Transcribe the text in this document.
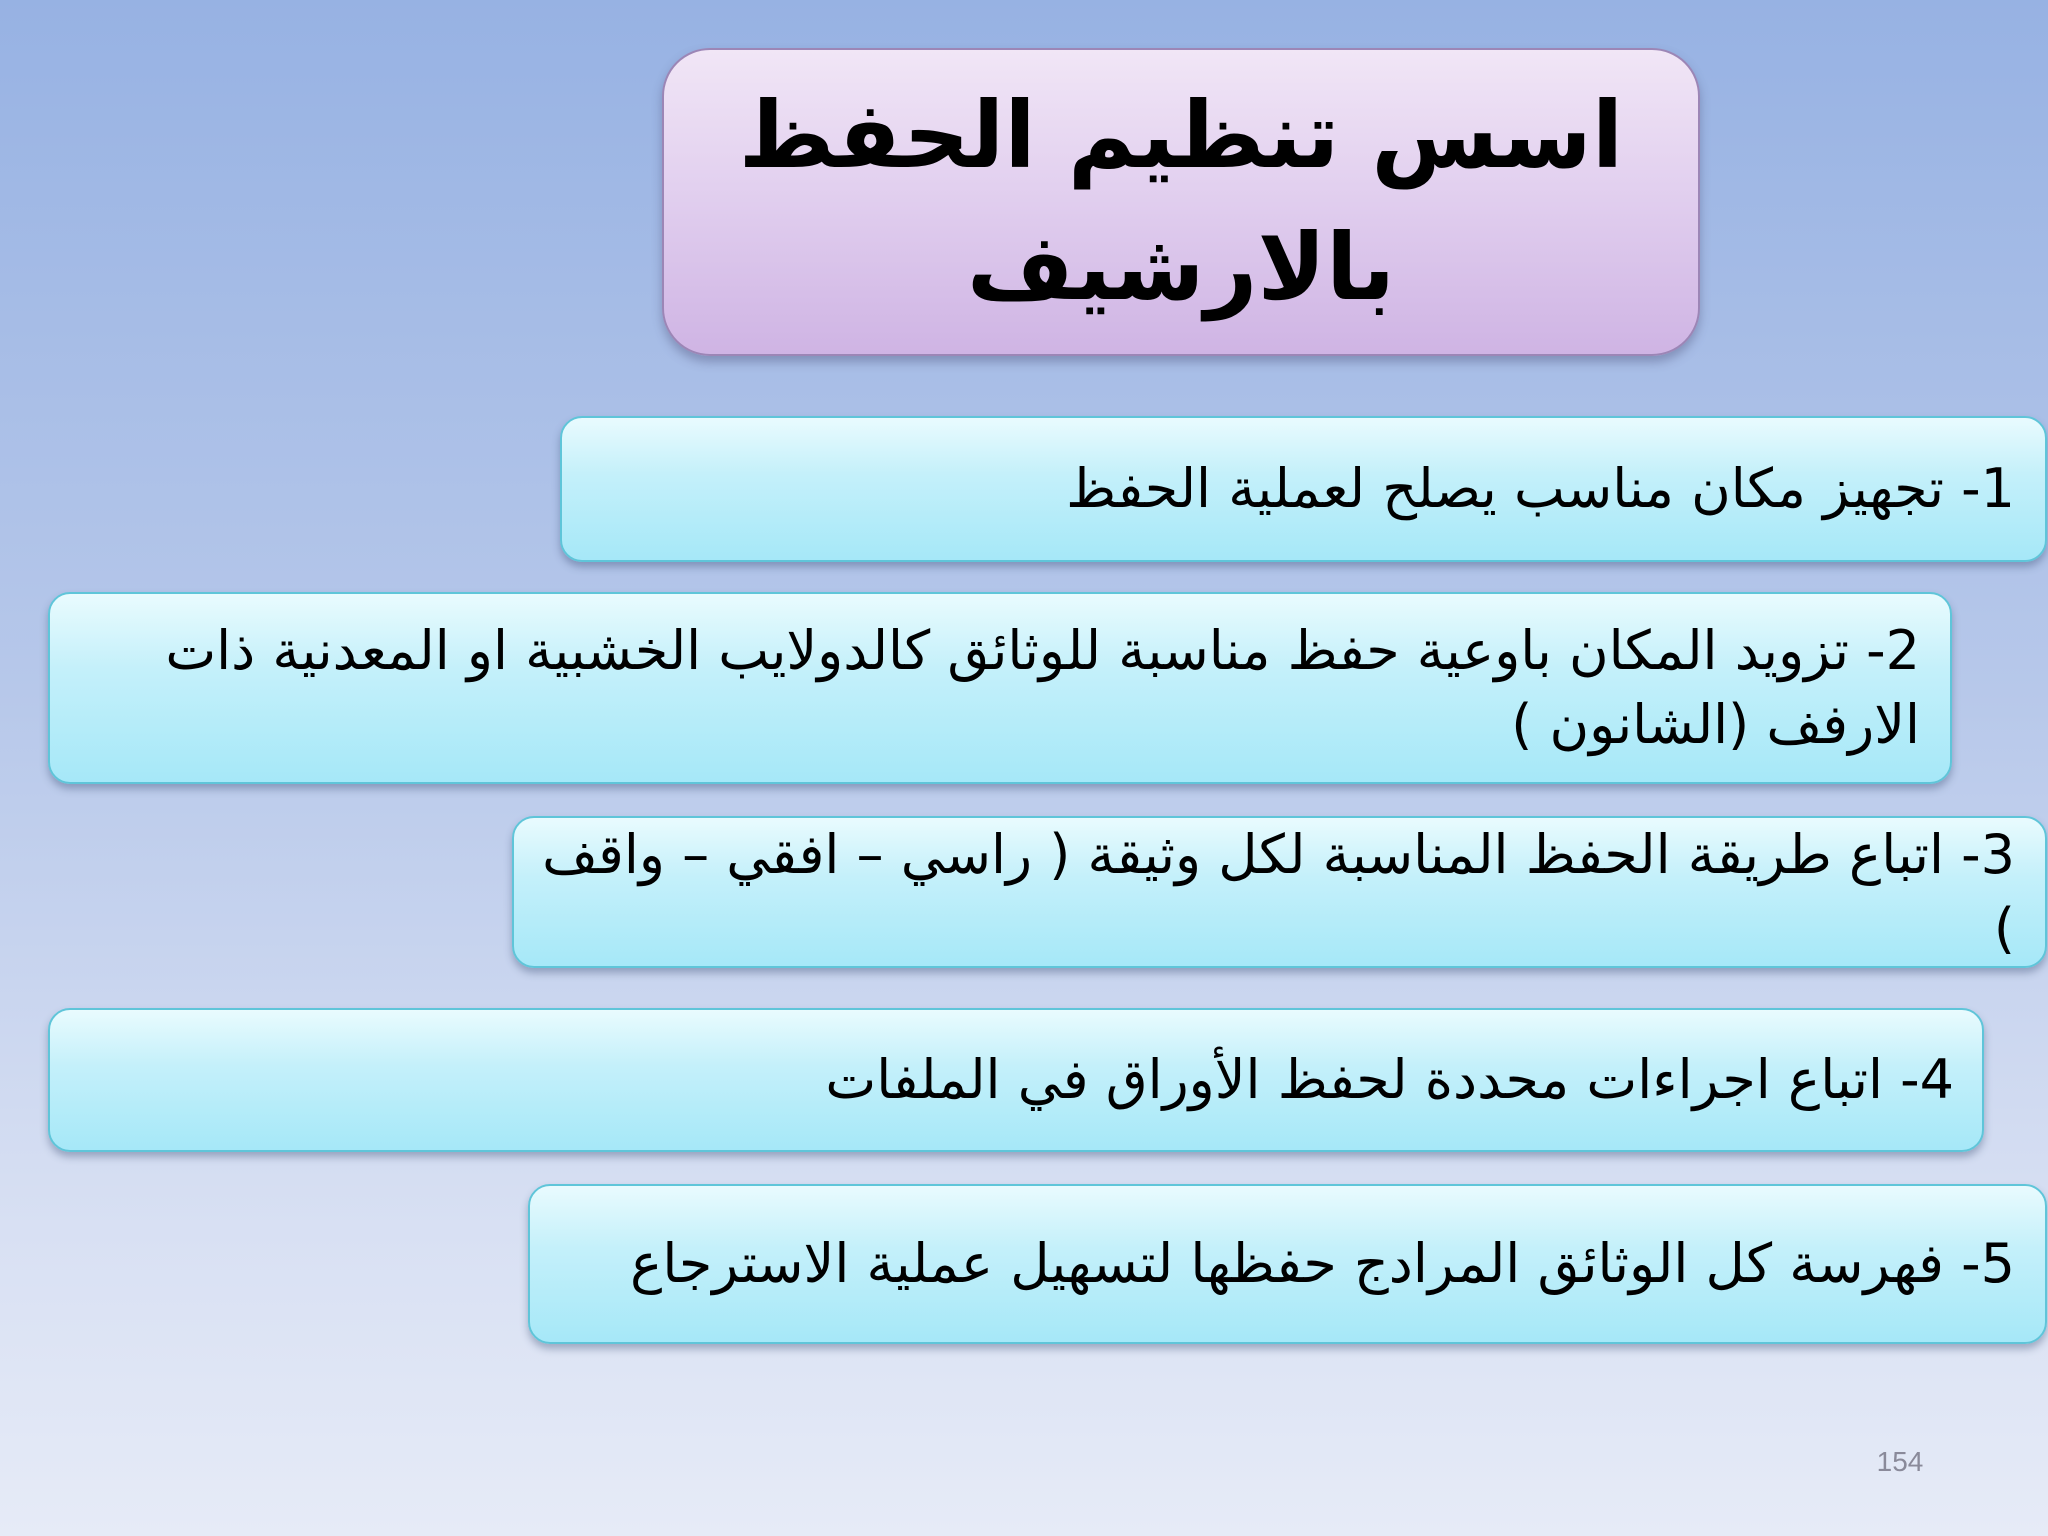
اسس تنظيم الحفظ
بالارشيف

1- تجهيز مكان مناسب يصلح لعملية الحفظ

2- تزويد المكان باوعية حفظ مناسبة للوثائق كالدولايب الخشبية او المعدنية ذات الارفف (الشانون )

3- اتباع طريقة الحفظ المناسبة لكل وثيقة ( راسي – افقي – واقف )

4- اتباع اجراءات محددة لحفظ الأوراق في الملفات

5- فهرسة كل الوثائق المرادج حفظها لتسهيل عملية الاسترجاع

154
